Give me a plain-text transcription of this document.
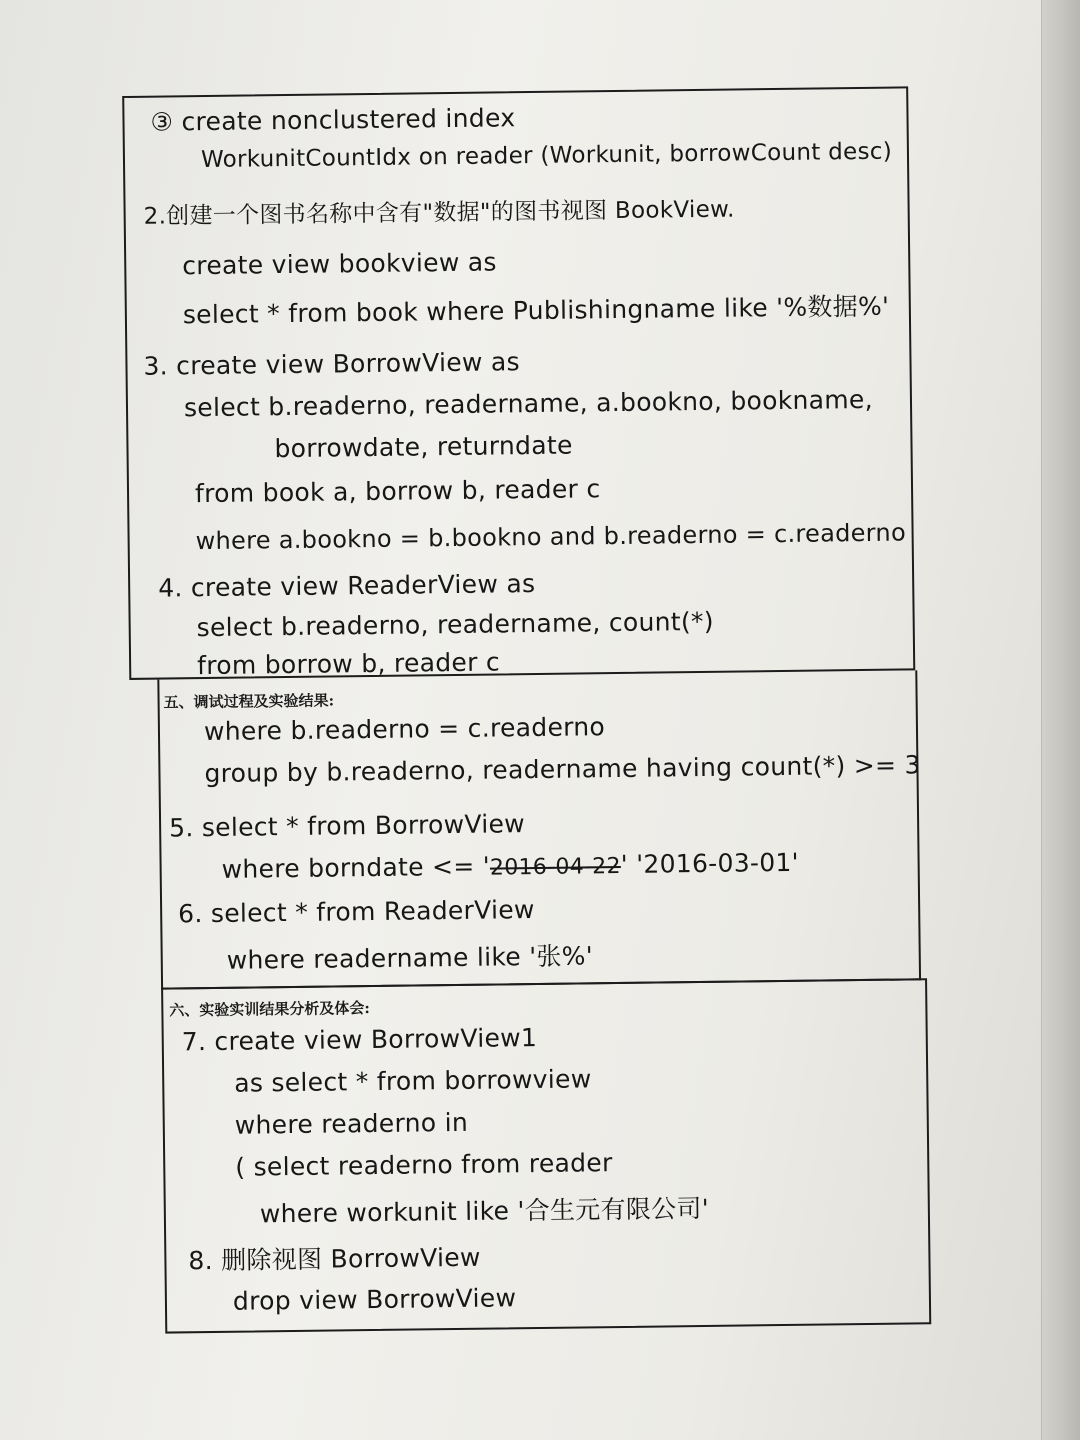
③ create nonclustered index
WorkunitCountIdx on reader (Workunit, borrowCount desc)
2.创建一个图书名称中含有"数据"的图书视图 BookView.
create view bookview as
select * from book where Publishingname like '%数据%'
3. create view BorrowView as
select b.readerno, readername, a.bookno, bookname,
borrowdate, returndate
from book a, borrow b, reader c
where a.bookno = b.bookno and b.readerno = c.readerno
4. create view ReaderView as
select b.readerno, readername, count(*)
from borrow b, reader c
五、调试过程及实验结果:
where b.readerno = c.readerno
group by b.readerno, readername having count(*) >= 3
5. select * from BorrowView
where borndate <= '2016-04-22' '2016-03-01'
6. select * from ReaderView
where readername like '张%'
六、实验实训结果分析及体会:
7. create view BorrowView1
as select * from borrowview
where readerno in
( select readerno from reader
where workunit like '合生元有限公司'
8. 删除视图 BorrowView
drop view BorrowView
